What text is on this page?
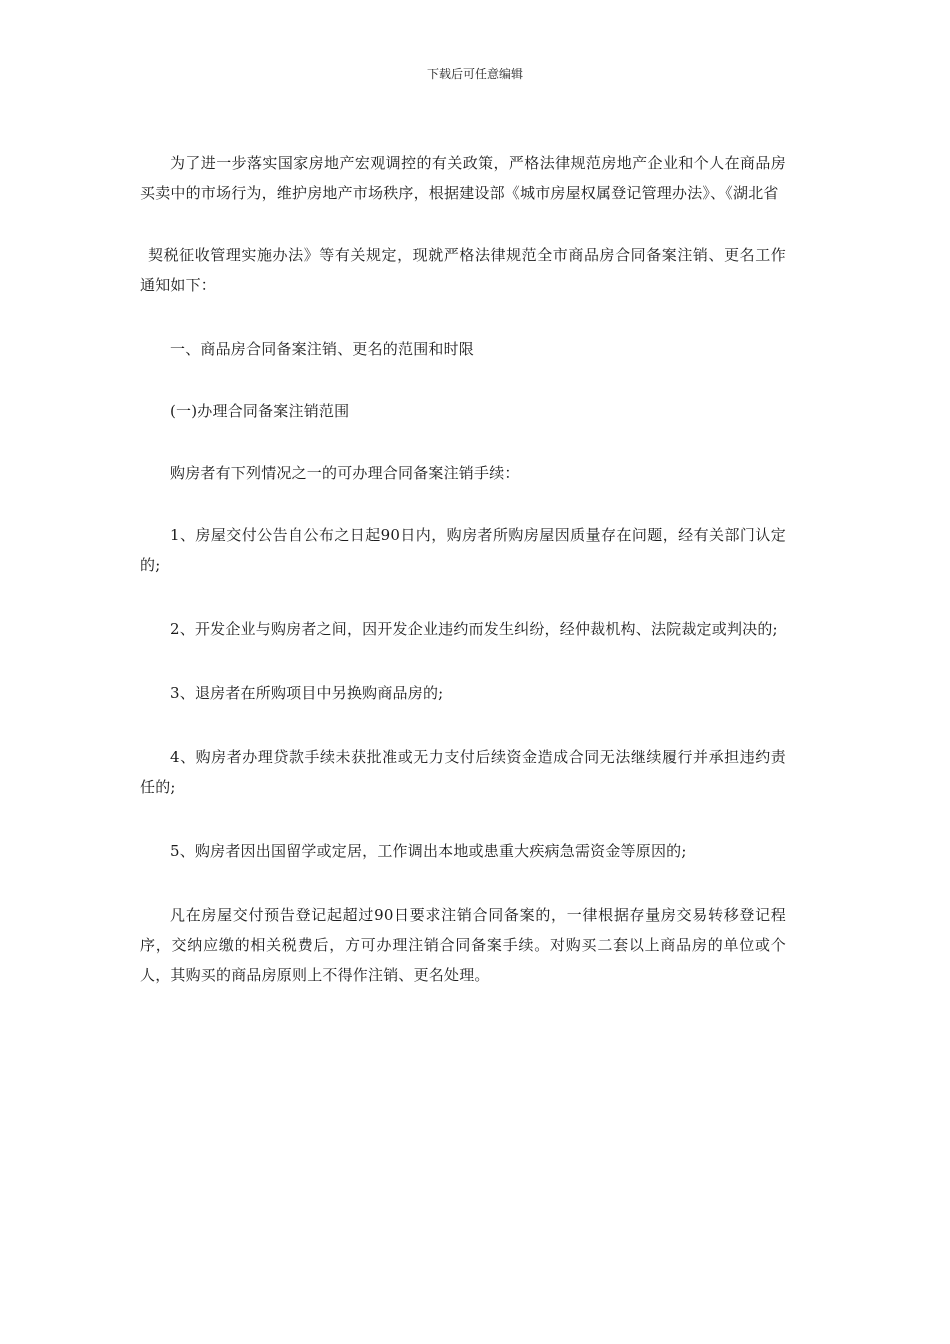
下载后可任意编辑

为了进一步落实国家房地产宏观调控的有关政策，严格法律规范房地产企业和个人在商品房买卖中的市场行为，维护房地产市场秩序，根据建设部《城市房屋权属登记管理办法》、《湖北省

契税征收管理实施办法》等有关规定，现就严格法律规范全市商品房合同备案注销、更名工作通知如下：

一、商品房合同备案注销、更名的范围和时限

(一)办理合同备案注销范围

购房者有下列情况之一的可办理合同备案注销手续：

1、房屋交付公告自公布之日起90日内，购房者所购房屋因质量存在问题，经有关部门认定的;

2、开发企业与购房者之间，因开发企业违约而发生纠纷，经仲裁机构、法院裁定或判决的;

3、退房者在所购项目中另换购商品房的;

4、购房者办理贷款手续未获批准或无力支付后续资金造成合同无法继续履行并承担违约责任的;

5、购房者因出国留学或定居，工作调出本地或患重大疾病急需资金等原因的;

凡在房屋交付预告登记起超过90日要求注销合同备案的，一律根据存量房交易转移登记程序，交纳应缴的相关税费后，方可办理注销合同备案手续。对购买二套以上商品房的单位或个人，其购买的商品房原则上不得作注销、更名处理。
